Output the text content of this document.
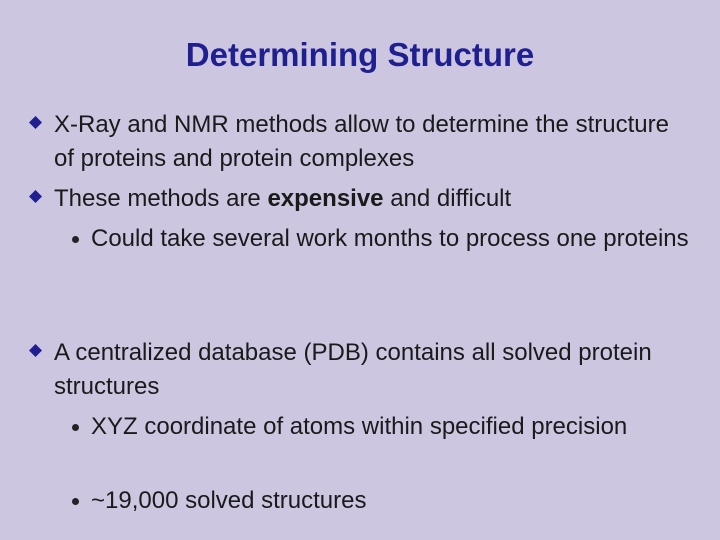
Determining Structure
X-Ray and NMR methods allow to determine the structure of proteins and protein complexes
These methods are expensive and difficult
Could take several work months to process one proteins
A centralized database (PDB) contains all solved protein structures
XYZ coordinate of atoms within specified precision
~19,000 solved structures
